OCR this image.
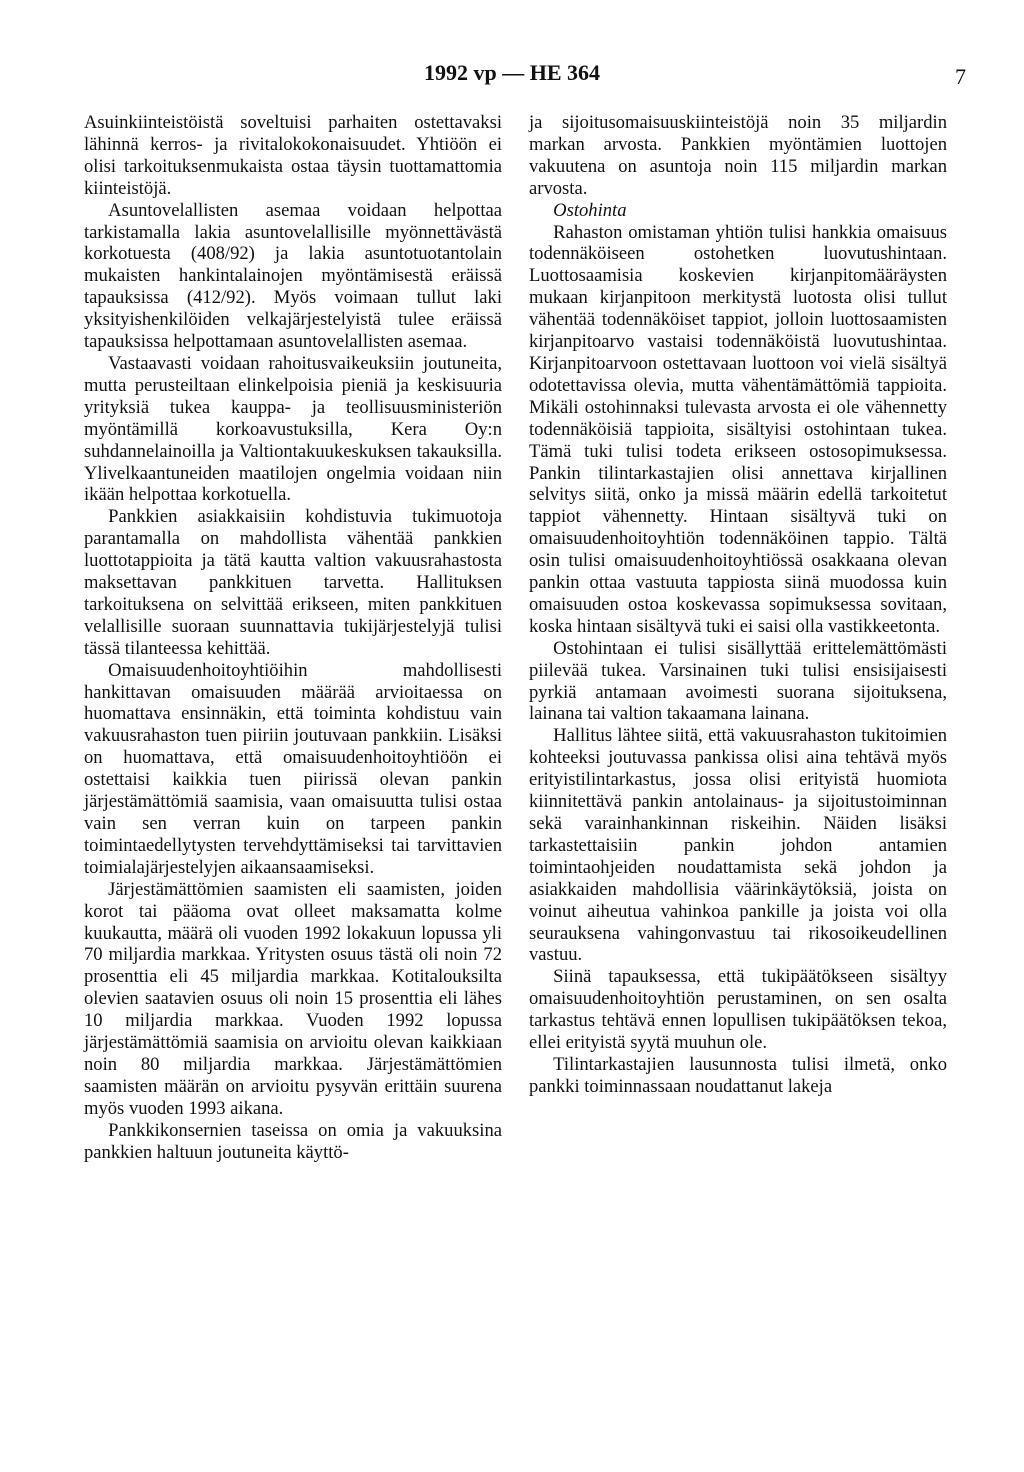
1992 vp — HE 364	7

Asuinkiinteistöistä soveltuisi parhaiten ostettavaksi lähinnä kerros- ja rivitalokokonaisuudet. Yhtiöön ei olisi tarkoituksenmukaista ostaa täysin tuottamattomia kiinteistöjä.

Asuntovelallisten asemaa voidaan helpottaa tarkistamalla lakia asuntovelallisille myönnettävästä korkotuesta (408/92) ja lakia asuntotuotantolain mukaisten hankintalainojen myöntämisestä eräissä tapauksissa (412/92). Myös voimaan tullut laki yksityishenkilöiden velkajärjestelyistä tulee eräissä tapauksissa helpottamaan asuntovelallisten asemaa.

Vastaavasti voidaan rahoitusvaikeuksiin joutuneita, mutta perusteiltaan elinkelpoisia pieniä ja keskisuuria yrityksiä tukea kauppa- ja teollisuusministeriön myöntämillä korkoavustuksilla, Kera Oy:n suhdannelainoilla ja Valtiontakuukeskuksen takauksilla. Ylivelkaantuneiden maatilojen ongelmia voidaan niin ikään helpottaa korkotuella.

Pankkien asiakkaisiin kohdistuvia tukimuotoja parantamalla on mahdollista vähentää pankkien luottotappioita ja tätä kautta valtion vakuusrahastosta maksettavan pankkituen tarvetta. Hallituksen tarkoituksena on selvittää erikseen, miten pankkituen velallisille suoraan suunnattavia tukijärjestelyjä tulisi tässä tilanteessa kehittää.

Omaisuudenhoitoyhtiöihin mahdollisesti hankittavan omaisuuden määrää arvioitaessa on huomattava ensinnäkin, että toiminta kohdistuu vain vakuusrahaston tuen piiriin joutuvaan pankkiin. Lisäksi on huomattava, että omaisuudenhoitoyhtiöön ei ostettaisi kaikkia tuen piirissä olevan pankin järjestämättömiä saamisia, vaan omaisuutta tulisi ostaa vain sen verran kuin on tarpeen pankin toimintaedellytysten tervehdyttämiseksi tai tarvittavien toimialajärjestelyjen aikaansaamiseksi.

Järjestämättömien saamisten eli saamisten, joiden korot tai pääoma ovat olleet maksamatta kolme kuukautta, määrä oli vuoden 1992 lokakuun lopussa yli 70 miljardia markkaa. Yritysten osuus tästä oli noin 72 prosenttia eli 45 miljardia markkaa. Kotitalouksilta olevien saatavien osuus oli noin 15 prosenttia eli lähes 10 miljardia markkaa. Vuoden 1992 lopussa järjestämättömiä saamisia on arvioitu olevan kaikkiaan noin 80 miljardia markkaa. Järjestämättömien saamisten määrän on arvioitu pysyvän erittäin suurena myös vuoden 1993 aikana.

Pankkikonsernien taseissa on omia ja vakuuksina pankkien haltuun joutuneita käyttö-

ja sijoitusomaisuuskiinteistöjä noin 35 miljardin markan arvosta. Pankkien myöntämien luottojen vakuutena on asuntoja noin 115 miljardin markan arvosta.

Ostohinta

Rahaston omistaman yhtiön tulisi hankkia omaisuus todennäköiseen ostohetken luovutushintaan. Luottosaamisia koskevien kirjanpitomääräysten mukaan kirjanpitoon merkitystä luotosta olisi tullut vähentää todennäköiset tappiot, jolloin luottosaamisten kirjanpitoarvo vastaisi todennäköistä luovutushintaa. Kirjanpitoarvoon ostettavaan luottoon voi vielä sisältyä odotettavissa olevia, mutta vähentämättömiä tappioita. Mikäli ostohinnaksi tulevasta arvosta ei ole vähennetty todennäköisiä tappioita, sisältyisi ostohintaan tukea. Tämä tuki tulisi todeta erikseen ostosopimuksessa. Pankin tilintarkastajien olisi annettava kirjallinen selvitys siitä, onko ja missä määrin edellä tarkoitetut tappiot vähennetty. Hintaan sisältyvä tuki on omaisuudenhoitoyhtiön todennäköinen tappio. Tältä osin tulisi omaisuudenhoitoyhtiössä osakkaana olevan pankin ottaa vastuuta tappiosta siinä muodossa kuin omaisuuden ostoa koskevassa sopimuksessa sovitaan, koska hintaan sisältyvä tuki ei saisi olla vastikkeetonta.

Ostohintaan ei tulisi sisällyttää erittelemättömästi piilevää tukea. Varsinainen tuki tulisi ensisijaisesti pyrkiä antamaan avoimesti suorana sijoituksena, lainana tai valtion takaamana lainana.

Hallitus lähtee siitä, että vakuusrahaston tukitoimien kohteeksi joutuvassa pankissa olisi aina tehtävä myös erityistilintarkastus, jossa olisi erityistä huomiota kiinnitettävä pankin antolainaus- ja sijoitustoiminnan sekä varainhankinnan riskeihin. Näiden lisäksi tarkastettaisiin pankin johdon antamien toimintaohjeiden noudattamista sekä johdon ja asiakkaiden mahdollisia väärinkäytöksiä, joista on voinut aiheutua vahinkoa pankille ja joista voi olla seurauksena vahingonvastuu tai rikosoikeudellinen vastuu.

Siinä tapauksessa, että tukipäätökseen sisältyy omaisuudenhoitoyhtiön perustaminen, on sen osalta tarkastus tehtävä ennen lopullisen tukipäätöksen tekoa, ellei erityistä syytä muuhun ole.

Tilintarkastajien lausunnosta tulisi ilmetä, onko pankki toiminnassaan noudattanut lakeja
